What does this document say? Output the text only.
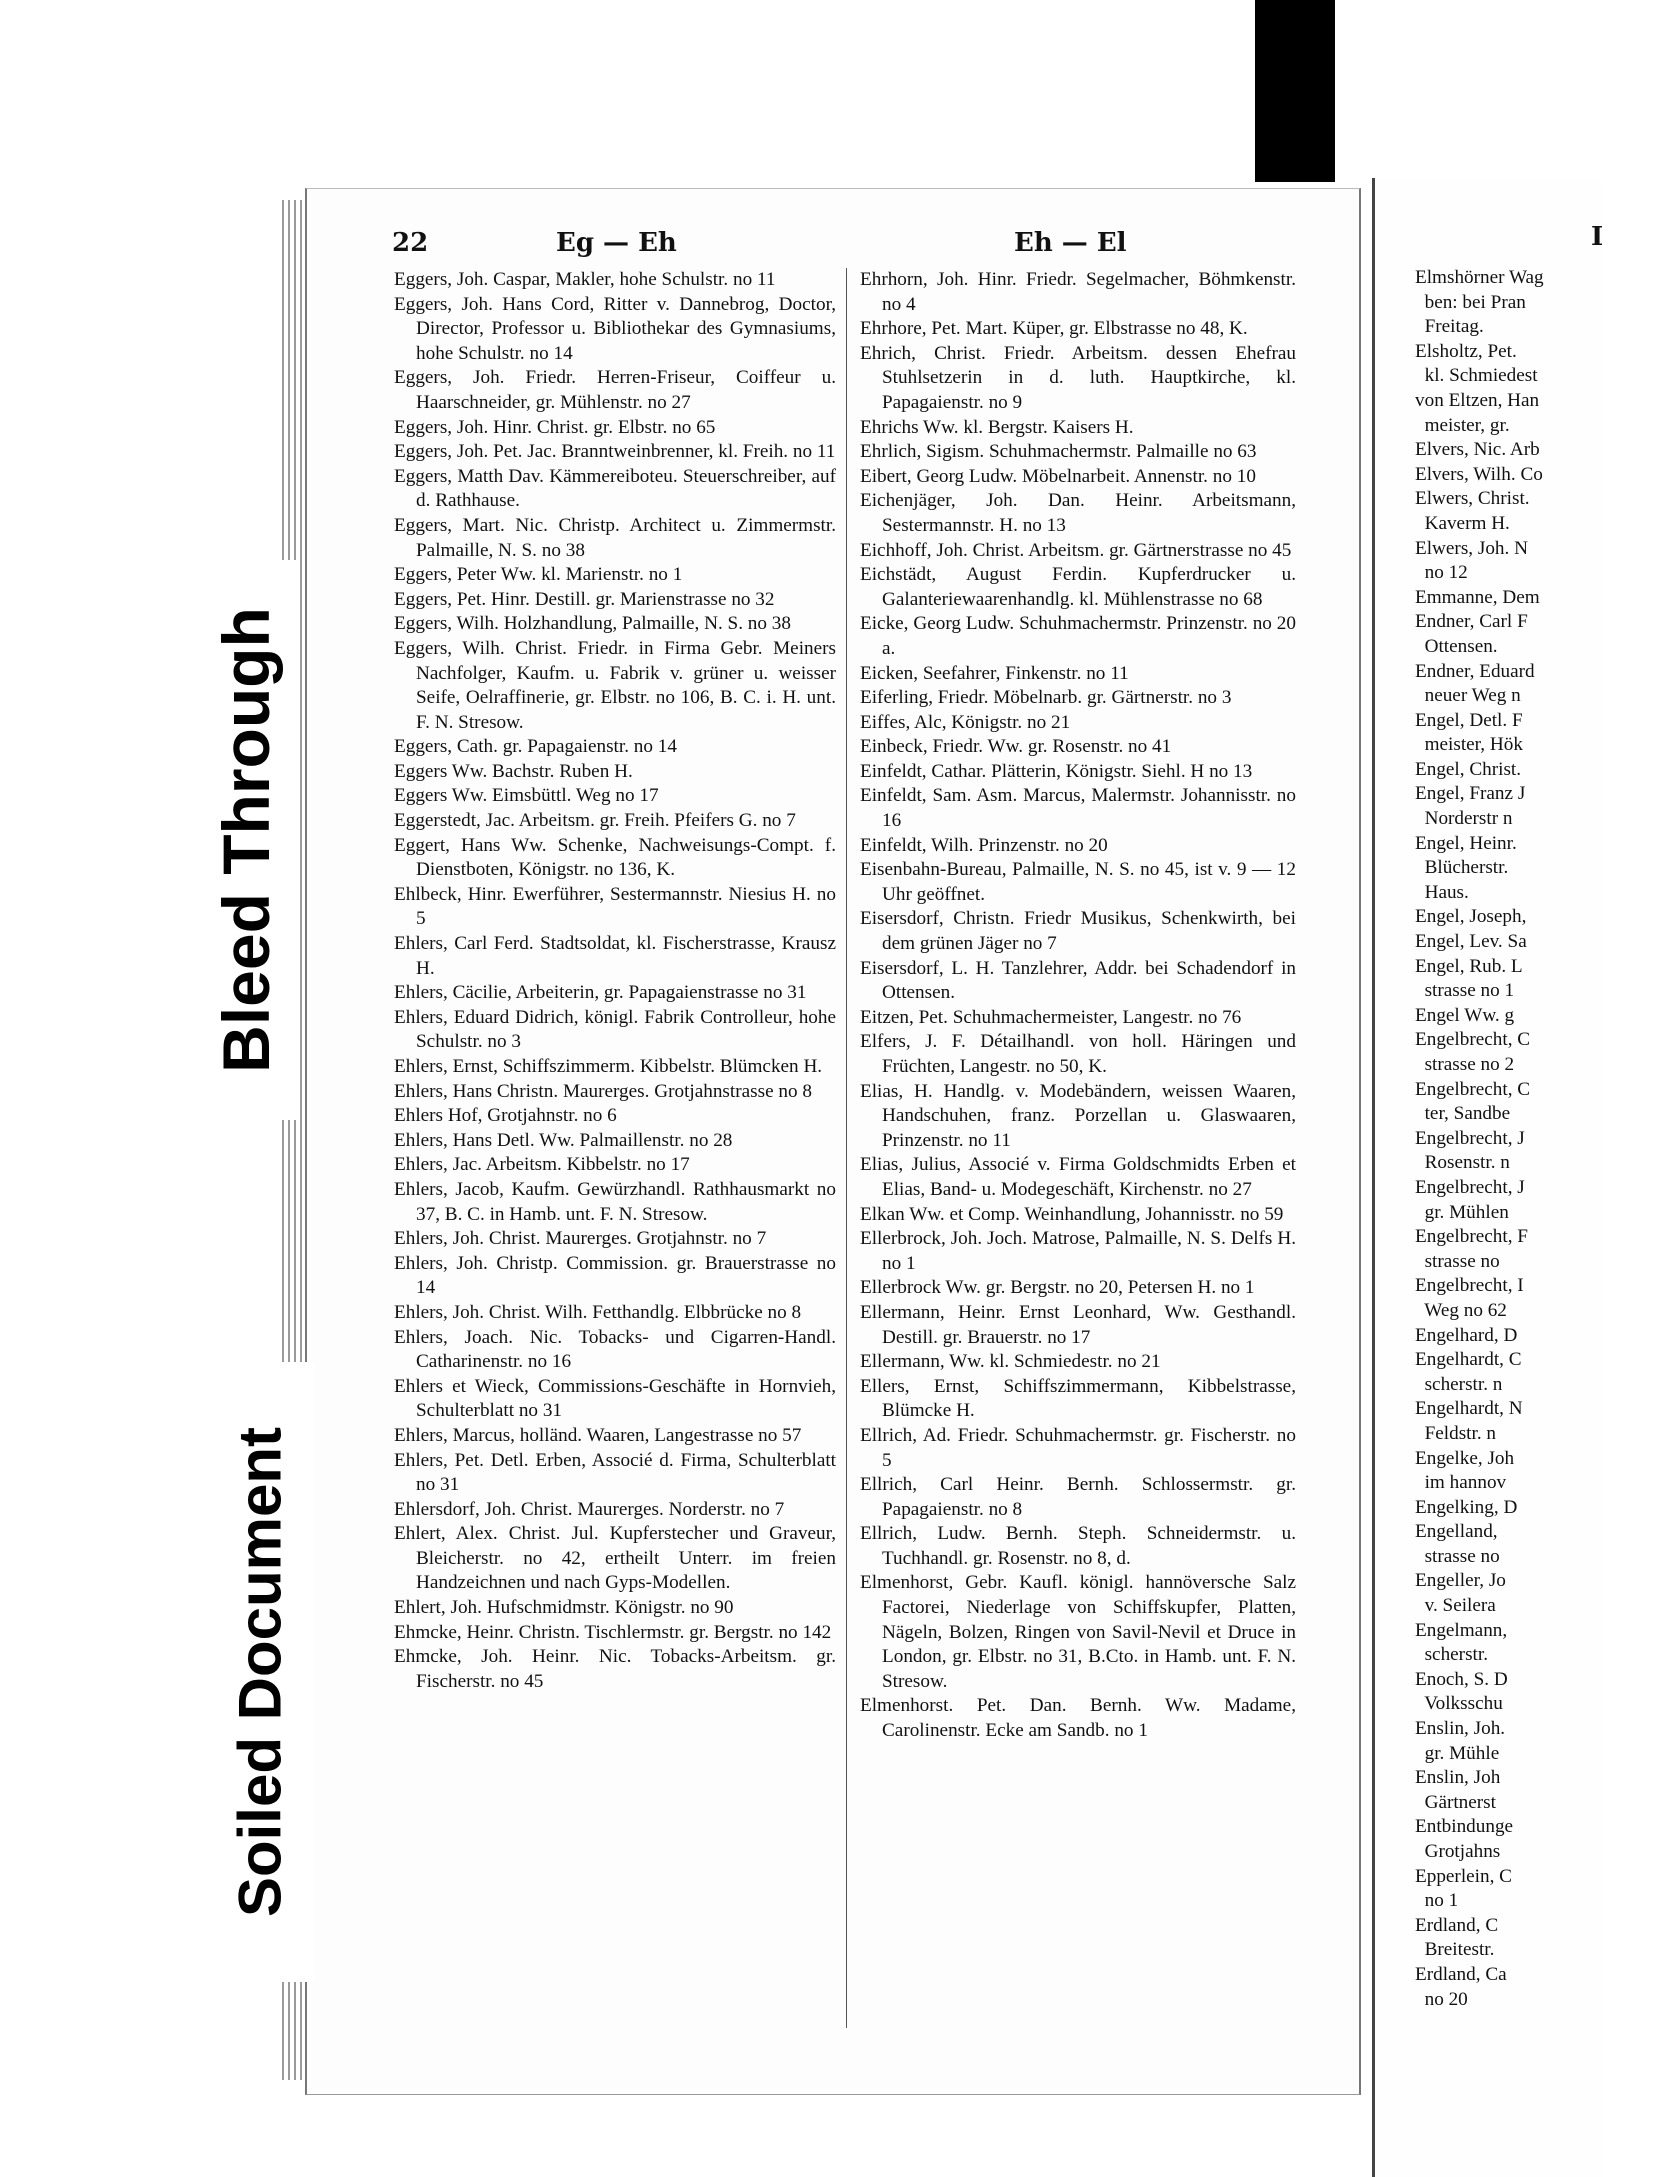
I
Elmshörner Wag
ben: bei Pran
Freitag.
Elsholtz, Pet.
kl. Schmiedest
von Eltzen, Han
meister, gr.
Elvers, Nic. Arb
Elvers, Wilh. Co
Elwers, Christ.
Kaverm H.
Elwers, Joh. N
no 12
Emmanne, Dem
Endner, Carl F
Ottensen.
Endner, Eduard
neuer Weg n
Engel, Detl. F
meister, Hök
Engel, Christ.
Engel, Franz J
Norderstr n
Engel, Heinr.
Blücherstr.
Haus.
Engel, Joseph,
Engel, Lev. Sa
Engel, Rub. L
strasse no 1
Engel Ww. g
Engelbrecht, C
strasse no 2
Engelbrecht, C
ter, Sandbe
Engelbrecht, J
Rosenstr. n
Engelbrecht, J
gr. Mühlen
Engelbrecht, F
strasse no
Engelbrecht, I
Weg no 62
Engelhard, D
Engelhardt, C
scherstr. n
Engelhardt, N
Feldstr. n
Engelke, Joh
im hannov
Engelking, D
Engelland,
strasse no
Engeller, Jo
v. Seilera
Engelmann,
scherstr.
Enoch, S. D
Volksschu
Enslin, Joh.
gr. Mühle
Enslin, Joh
Gärtnerst
Entbindunge
Grotjahns
Epperlein, C
no 1
Erdland, C
Breitestr.
Erdland, Ca
no 20
22	Eg — Eh	Eh — El
Eggers, Joh. Caspar, Makler, hohe Schulstr. no 11
Eggers, Joh. Hans Cord, Ritter v. Dannebrog, Doctor, Director, Professor u. Bibliothekar des Gymnasiums, hohe Schulstr. no 14
Eggers, Joh. Friedr. Herren-Friseur, Coiffeur u. Haarschneider, gr. Mühlenstr. no 27
Eggers, Joh. Hinr. Christ. gr. Elbstr. no 65
Eggers, Joh. Pet. Jac. Branntweinbrenner, kl. Freih. no 11
Eggers, Matth Dav. Kämmereiboteu. Steuerschreiber, auf d. Rathhause.
Eggers, Mart. Nic. Christp. Architect u. Zimmermstr. Palmaille, N. S. no 38
Eggers, Peter Ww. kl. Marienstr. no 1
Eggers, Pet. Hinr. Destill. gr. Marienstrasse no 32
Eggers, Wilh. Holzhandlung, Palmaille, N. S. no 38
Eggers, Wilh. Christ. Friedr. in Firma Gebr. Meiners Nachfolger, Kaufm. u. Fabrik v. grüner u. weisser Seife, Oelraffinerie, gr. Elbstr. no 106, B. C. i. H. unt. F. N. Stresow.
Eggers, Cath. gr. Papagaienstr. no 14
Eggers Ww. Bachstr. Ruben H.
Eggers Ww. Eimsbüttl. Weg no 17
Eggerstedt, Jac. Arbeitsm. gr. Freih. Pfeifers G. no 7
Eggert, Hans Ww. Schenke, Nachweisungs-Compt. f. Dienstboten, Königstr. no 136, K.
Ehlbeck, Hinr. Ewerführer, Sestermannstr. Niesius H. no 5
Ehlers, Carl Ferd. Stadtsoldat, kl. Fischerstrasse, Krausz H.
Ehlers, Cäcilie, Arbeiterin, gr. Papagaienstrasse no 31
Ehlers, Eduard Didrich, königl. Fabrik Controlleur, hohe Schulstr. no 3
Ehlers, Ernst, Schiffszimmerm. Kibbelstr. Blümcken H.
Ehlers, Hans Christn. Maurerges. Grotjahnstrasse no 8
Ehlers Hof, Grotjahnstr. no 6
Ehlers, Hans Detl. Ww. Palmaillenstr. no 28
Ehlers, Jac. Arbeitsm. Kibbelstr. no 17
Ehlers, Jacob, Kaufm. Gewürzhandl. Rathhausmarkt no 37, B. C. in Hamb. unt. F. N. Stresow.
Ehlers, Joh. Christ. Maurerges. Grotjahnstr. no 7
Ehlers, Joh. Christp. Commission. gr. Brauerstrasse no 14
Ehlers, Joh. Christ. Wilh. Fetthandlg. Elbbrücke no 8
Ehlers, Joach. Nic. Tobacks- und Cigarren-Handl. Catharinenstr. no 16
Ehlers et Wieck, Commissions-Geschäfte in Hornvieh, Schulterblatt no 31
Ehlers, Marcus, holländ. Waaren, Langestrasse no 57
Ehlers, Pet. Detl. Erben, Associé d. Firma, Schulterblatt no 31
Ehlersdorf, Joh. Christ. Maurerges. Norderstr. no 7
Ehlert, Alex. Christ. Jul. Kupferstecher und Graveur, Bleicherstr. no 42, ertheilt Unterr. im freien Handzeichnen und nach Gyps-Modellen.
Ehlert, Joh. Hufschmidmstr. Königstr. no 90
Ehmcke, Heinr. Christn. Tischlermstr. gr. Bergstr. no 142
Ehmcke, Joh. Heinr. Nic. Tobacks-Arbeitsm. gr. Fischerstr. no 45
Ehrhorn, Joh. Hinr. Friedr. Segelmacher, Böhmkenstr. no 4
Ehrhore, Pet. Mart. Küper, gr. Elbstrasse no 48, K.
Ehrich, Christ. Friedr. Arbeitsm. dessen Ehefrau Stuhlsetzerin in d. luth. Hauptkirche, kl. Papagaienstr. no 9
Ehrichs Ww. kl. Bergstr. Kaisers H.
Ehrlich, Sigism. Schuhmachermstr. Palmaille no 63
Eibert, Georg Ludw. Möbelnarbeit. Annenstr. no 10
Eichenjäger, Joh. Dan. Heinr. Arbeitsmann, Sestermannstr. H. no 13
Eichhoff, Joh. Christ. Arbeitsm. gr. Gärtnerstrasse no 45
Eichstädt, August Ferdin. Kupferdrucker u. Galanteriewaarenhandlg. kl. Mühlenstrasse no 68
Eicke, Georg Ludw. Schuhmachermstr. Prinzenstr. no 20 a.
Eicken, Seefahrer, Finkenstr. no 11
Eiferling, Friedr. Möbelnarb. gr. Gärtnerstr. no 3
Eiffes, Alc, Königstr. no 21
Einbeck, Friedr. Ww. gr. Rosenstr. no 41
Einfeldt, Cathar. Plätterin, Königstr. Siehl. H no 13
Einfeldt, Sam. Asm. Marcus, Malermstr. Johannisstr. no 16
Einfeldt, Wilh. Prinzenstr. no 20
Eisenbahn-Bureau, Palmaille, N. S. no 45, ist v. 9 — 12 Uhr geöffnet.
Eisersdorf, Christn. Friedr Musikus, Schenkwirth, bei dem grünen Jäger no 7
Eisersdorf, L. H. Tanzlehrer, Addr. bei Schadendorf in Ottensen.
Eitzen, Pet. Schuhmachermeister, Langestr. no 76
Elfers, J. F. Détailhandl. von holl. Häringen und Früchten, Langestr. no 50, K.
Elias, H. Handlg. v. Modebändern, weissen Waaren, Handschuhen, franz. Porzellan u. Glaswaaren, Prinzenstr. no 11
Elias, Julius, Associé v. Firma Goldschmidts Erben et Elias, Band- u. Modegeschäft, Kirchenstr. no 27
Elkan Ww. et Comp. Weinhandlung, Johannisstr. no 59
Ellerbrock, Joh. Joch. Matrose, Palmaille, N. S. Delfs H. no 1
Ellerbrock Ww. gr. Bergstr. no 20, Petersen H. no 1
Ellermann, Heinr. Ernst Leonhard, Ww. Gesthandl. Destill. gr. Brauerstr. no 17
Ellermann, Ww. kl. Schmiedestr. no 21
Ellers, Ernst, Schiffszimmermann, Kibbelstrasse, Blümcke H.
Ellrich, Ad. Friedr. Schuhmachermstr. gr. Fischerstr. no 5
Ellrich, Carl Heinr. Bernh. Schlossermstr. gr. Papagaienstr. no 8
Ellrich, Ludw. Bernh. Steph. Schneidermstr. u. Tuchhandl. gr. Rosenstr. no 8, d.
Elmenhorst, Gebr. Kaufl. königl. hannöversche Salz Factorei, Niederlage von Schiffskupfer, Platten, Nägeln, Bolzen, Ringen von Savil-Nevil et Druce in London, gr. Elbstr. no 31, B.Cto. in Hamb. unt. F. N. Stresow.
Elmenhorst. Pet. Dan. Bernh. Ww. Madame, Carolinenstr. Ecke am Sandb. no 1
Bleed Through
Soiled Document
